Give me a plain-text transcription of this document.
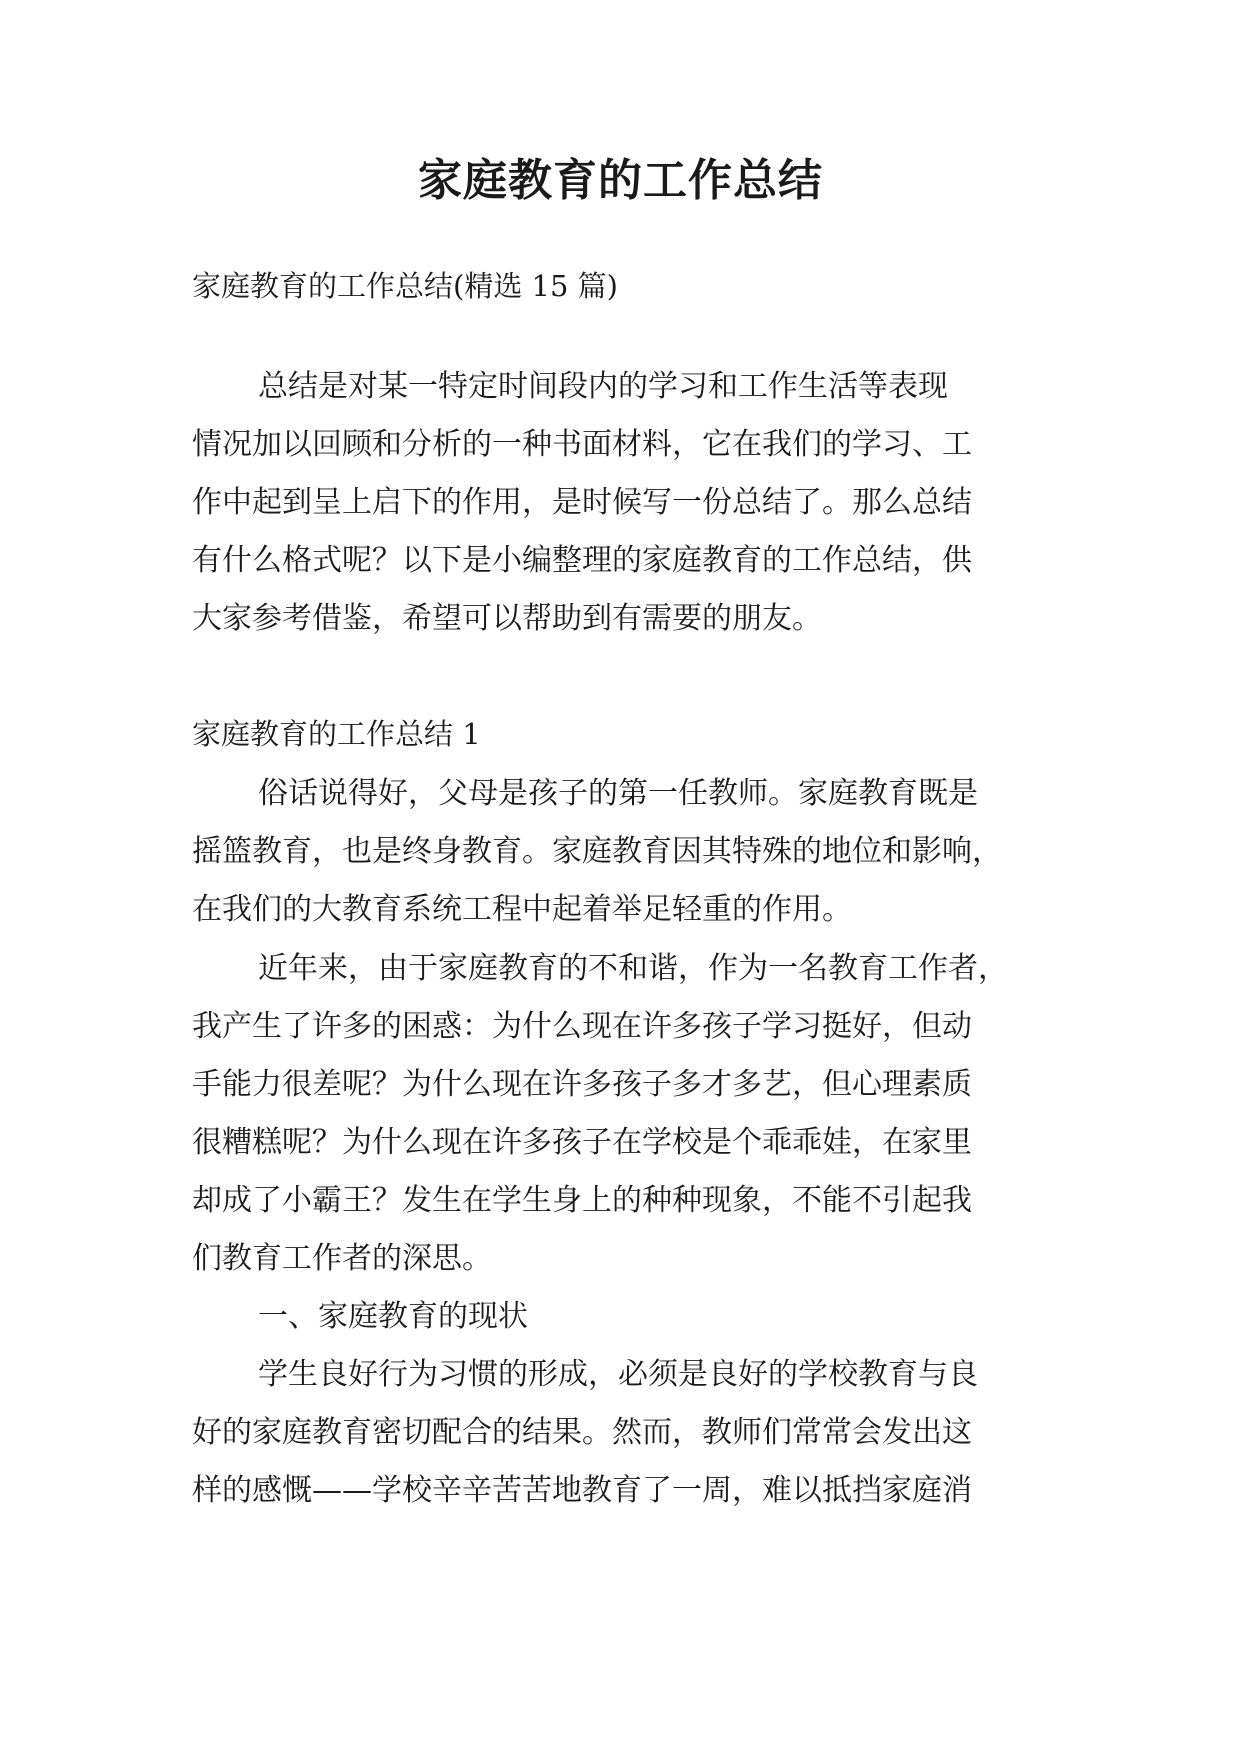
家庭教育的工作总结

家庭教育的工作总结(精选 15 篇)

总结是对某一特定时间段内的学习和工作生活等表现
情况加以回顾和分析的一种书面材料，它在我们的学习、工
作中起到呈上启下的作用，是时候写一份总结了。那么总结
有什么格式呢？以下是小编整理的家庭教育的工作总结，供
大家参考借鉴，希望可以帮助到有需要的朋友。

家庭教育的工作总结 1

俗话说得好，父母是孩子的第一任教师。家庭教育既是
摇篮教育，也是终身教育。家庭教育因其特殊的地位和影响，
在我们的大教育系统工程中起着举足轻重的作用。
近年来，由于家庭教育的不和谐，作为一名教育工作者，
我产生了许多的困惑：为什么现在许多孩子学习挺好，但动
手能力很差呢？为什么现在许多孩子多才多艺，但心理素质
很糟糕呢？为什么现在许多孩子在学校是个乖乖娃，在家里
却成了小霸王？发生在学生身上的种种现象，不能不引起我
们教育工作者的深思。
一、家庭教育的现状
学生良好行为习惯的形成，必须是良好的学校教育与良
好的家庭教育密切配合的结果。然而，教师们常常会发出这
样的感慨——学校辛辛苦苦地教育了一周，难以抵挡家庭消
